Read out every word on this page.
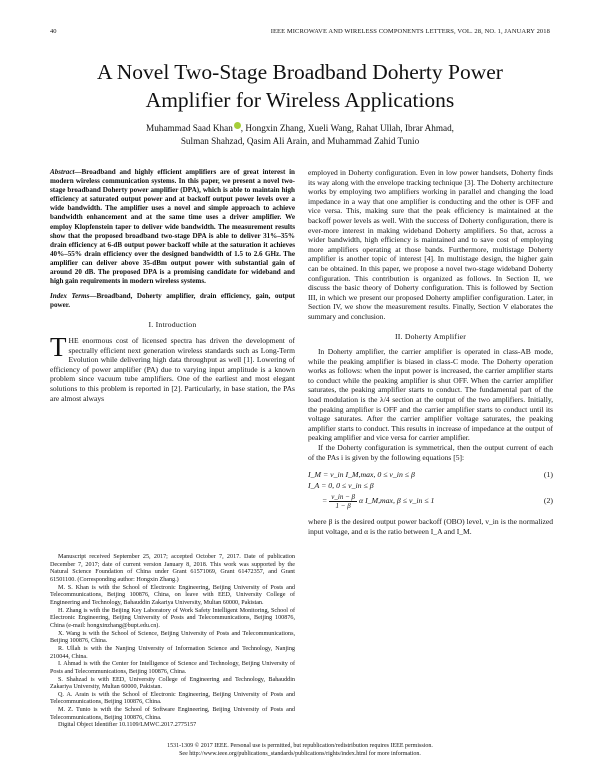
40	IEEE MICROWAVE AND WIRELESS COMPONENTS LETTERS, VOL. 28, NO. 1, JANUARY 2018
A Novel Two-Stage Broadband Doherty Power
Amplifier for Wireless Applications
Muhammad Saad Khan , Hongxin Zhang, Xueli Wang, Rahat Ullah, Ibrar Ahmad,
Sulman Shahzad, Qasim Ali Arain, and Muhammad Zahid Tunio

Abstract—Broadband and highly efficient amplifiers are of great interest in modern wireless communication systems. In this paper, we present a novel two-stage broadband Doherty power amplifier (DPA), which is able to maintain high efficiency at saturated output power and at backoff output power levels over a wide bandwidth. The amplifier uses a novel and simple approach to achieve bandwidth enhancement and at the same time uses a driver amplifier. We employ Klopfenstein taper to deliver wide bandwidth. The measurement results show that the proposed broadband two-stage DPA is able to deliver 31%–35% drain efficiency at 6-dB output power backoff while at the saturation it achieves 40%–55% drain efficiency over the designed bandwidth of 1.5 to 2.6 GHz. The amplifier can deliver above 35-dBm output power with substantial gain of around 20 dB. The proposed DPA is a promising candidate for wideband and high gain requirements in modern wireless systems.

Index Terms—Broadband, Doherty amplifier, drain efficiency, gain, output power.

I. Introduction

THE enormous cost of licensed spectra has driven the development of spectrally efficient next generation wireless standards such as Long-Term Evolution while delivering high data throughput as well [1]. Lowering of efficiency of power amplifier (PA) due to varying input amplitude is a known problem since vacuum tube amplifiers. One of the earliest and most elegant solutions to this problem is reported in [2]. Particularly, in base station, the PAs are almost always

Manuscript received September 25, 2017; accepted October 7, 2017. Date of publication December 7, 2017; date of current version January 8, 2018. This work was supported by the Natural Science Foundation of China under Grant 61571069, Grant 61472357, and Grant 61501100. (Corresponding author: Hongxin Zhang.)

M. S. Khan is with the School of Electronic Engineering, Beijing University of Posts and Telecommunications, Beijing 100876, China, on leave with EED, University College of Engineering and Technology, Bahauddin Zakariya University, Multan 60000, Pakistan.

H. Zhang is with the Beijing Key Laboratory of Work Safety Intelligent Monitoring, School of Electronic Engineering, Beijing University of Posts and Telecommunications, Beijing 100876, China (e-mail: hongxinzhang@bupt.edu.cn).

X. Wang is with the School of Science, Beijing University of Posts and Telecommunications, Beijing 100876, China.

R. Ullah is with the Nanjing University of Information Science and Technology, Nanjing 210044, China.

I. Ahmad is with the Center for Intelligence of Science and Technology, Beijing University of Posts and Telecommunications, Beijing 100876, China.

S. Shahzad is with EED, University College of Engineering and Technology, Bahauddin Zakariya University, Multan 60000, Pakistan.

Q. A. Arain is with the School of Electronic Engineering, Beijing University of Posts and Telecommunications, Beijing 100876, China.

M. Z. Tunio is with the School of Software Engineering, Beijing University of Posts and Telecommunications, Beijing 100876, China.

Digital Object Identifier 10.1109/LMWC.2017.2775157

employed in Doherty configuration. Even in low power handsets, Doherty finds its way along with the envelope tracking technique [3]. The Doherty architecture works by employing two amplifiers working in parallel and changing the load impedance in a way that one amplifier is conducting and the other is OFF and vice versa. This, making sure that the peak efficiency is maintained at the backoff power levels as well. With the success of Doherty configuration, there is ever-more interest in making wideband Doherty amplifiers. So that, across a wider bandwidth, high efficiency is maintained and to save cost of employing more amplifiers operating at those bands. Furthermore, multistage Doherty amplifier is another topic of interest [4]. In multistage design, the higher gain can be obtained. In this paper, we propose a novel two-stage wideband Doherty configuration. This contribution is organized as follows. In Section II, we discuss the basic theory of Doherty configuration. This is followed by Section III, in which we present our proposed Doherty amplifier configuration. Later, in Section IV, we show the measurement results. Finally, Section V elaborates the summary and conclusion.

II. Doherty Amplifier

In Doherty amplifier, the carrier amplifier is operated in class-AB mode, while the peaking amplifier is biased in class-C mode. The Doherty operation works as follows: when the input power is increased, the carrier amplifier starts to conduct while the peaking amplifier is shut OFF. When the carrier amplifier saturates, the peaking amplifier starts to conduct. The fundamental part of the load modulation is the λ/4 section at the output of the two amplifiers. Initially, the peaking amplifier is OFF and the carrier amplifier starts to conduct until its voltage saturates. After the carrier amplifier voltage saturates, the peaking amplifier starts to conduct. This results in increase of impedance at the output of peaking amplifier and vice versa for carrier amplifier.

If the Doherty configuration is symmetrical, then the output current of each of the PAs i is given by the following equations [5]:

I_M = v_in I_M,max, 0 ≤ v_in ≤ β	(1)
I_A = 0, 0 ≤ v_in ≤ β
= $\frac{v\_in - \beta}{1 - \beta}$ α I_M,max, β ≤ v_in ≤ 1	(2)

where β is the desired output power backoff (OBO) level, v_in is the normalized input voltage, and α is the ratio between I_A and I_M.

1531-1309 © 2017 IEEE. Personal use is permitted, but republication/redistribution requires IEEE permission.
See http://www.ieee.org/publications_standards/publications/rights/index.html for more information.
